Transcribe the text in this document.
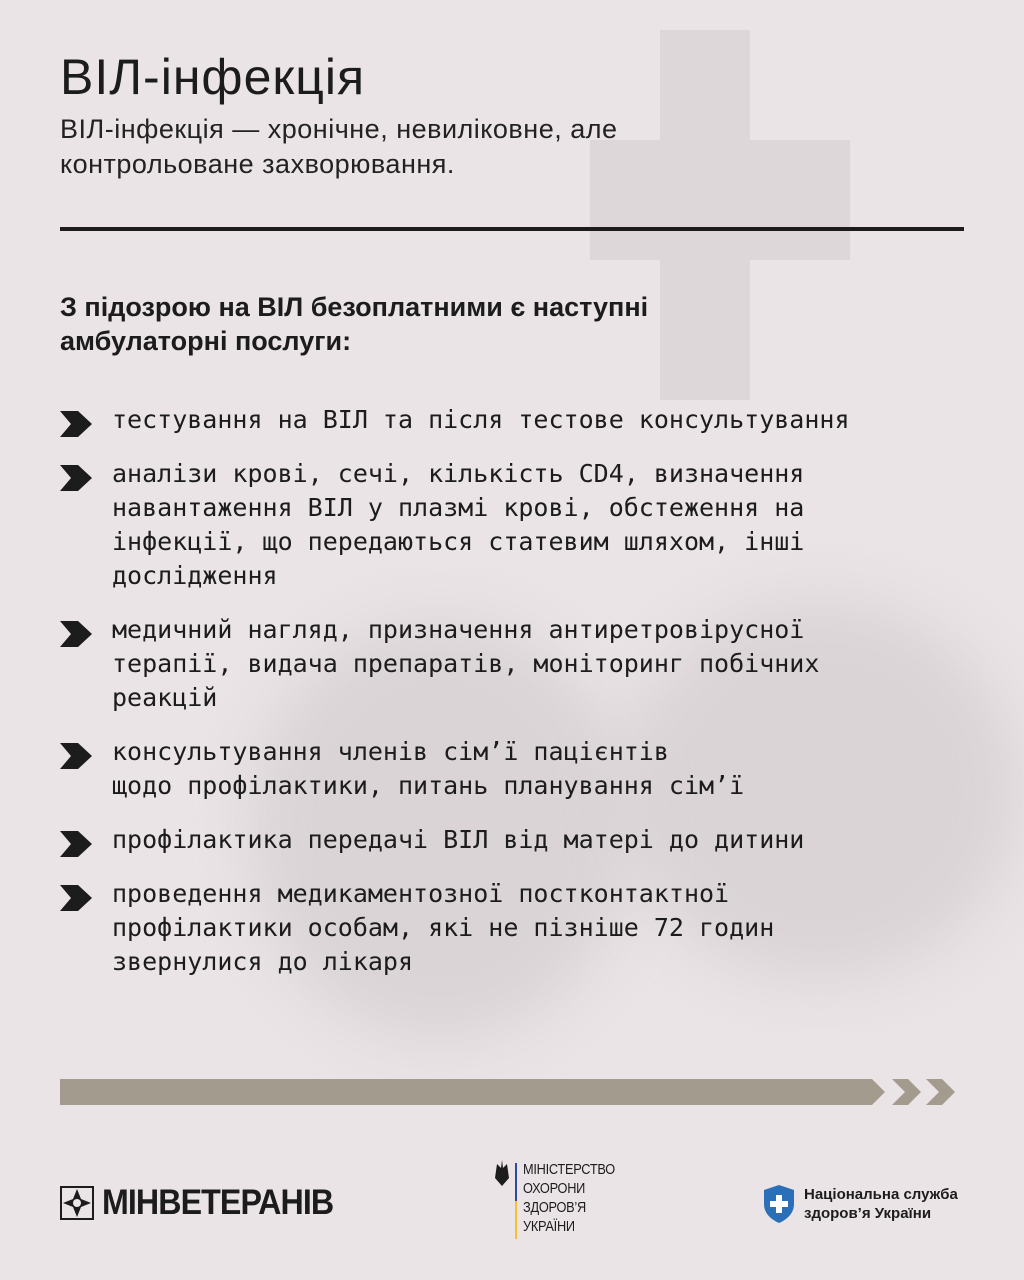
ВІЛ-інфекція
ВІЛ-інфекція — хронічне, невиліковне, але контрольоване захворювання.
З підозрою на ВІЛ безоплатними є наступні амбулаторні послуги:
тестування на ВІЛ та після тестове консультування
аналізи крові, сечі, кількість CD4, визначення
навантаження ВІЛ у плазмі крові, обстеження на
інфекції, що передаються статевим шляхом, інші
дослідження
медичний нагляд, призначення антиретровірусної
терапії, видача препаратів, моніторинг побічних
реакцій
консультування членів сім’ї пацієнтів
щодо профілактики, питань планування сім’ї
профілактика передачі ВІЛ від матері до дитини
проведення медикаментозної постконтактної
профілактики особам, які не пізніше 72 годин
звернулися до лікаря
МІНВЕТЕРАНІВ
МІНІСТЕРСТВО
ОХОРОНИ
ЗДОРОВ’Я
УКРАЇНИ
Національна служба
здоров’я України
